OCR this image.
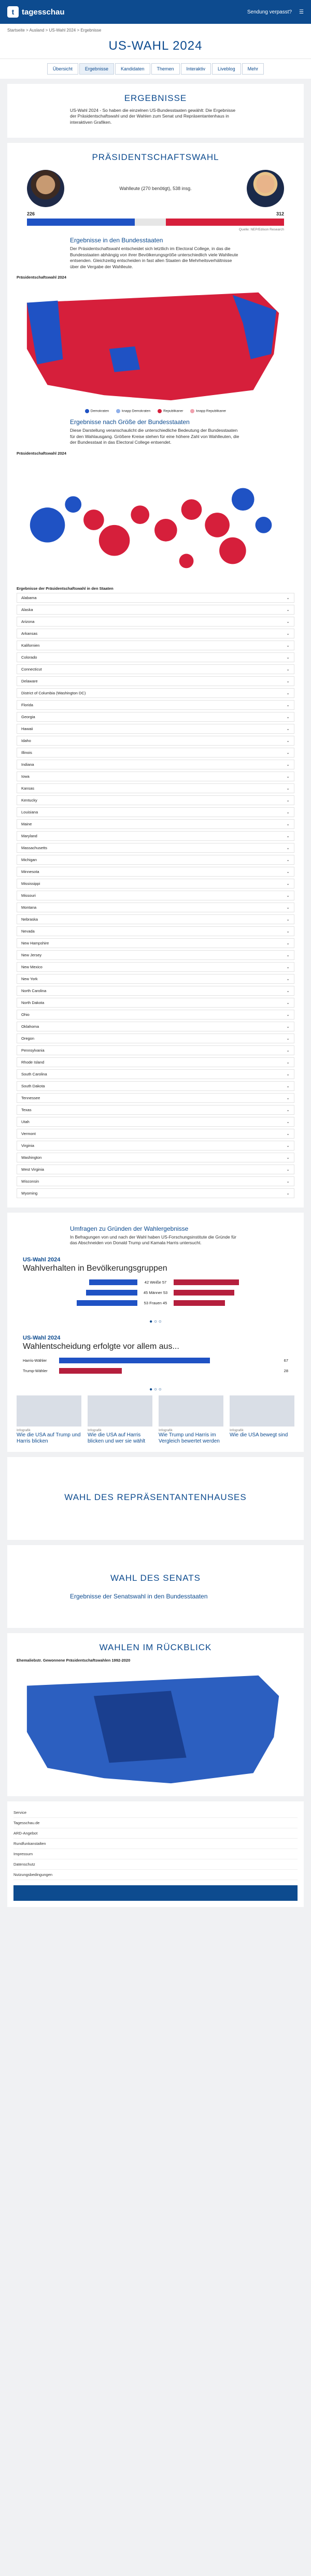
t tagesschau	Sendung verpasst? ☰
Startseite > Ausland > US-Wahl 2024 > Ergebnisse
US-WAHL 2024
Übersicht	Ergebnisse	Kandidaten	Themen	Interaktiv	Liveblog	Mehr
ERGEBNISSE
US-Wahl 2024 - So haben die einzelnen US-Bundesstaaten gewählt: Die Ergebnisse der Präsidentschaftswahl und der Wahlen zum Senat und Repräsentantenhaus in interaktiven Grafiken.
PRÄSIDENTSCHAFTSWAHL
Wahlleute (270 benötigt), 538 insg.
226	312
Quelle: NEP/Edison Research
Ergebnisse in den Bundesstaaten
Der Präsidentschaftswahl entscheidet sich letztlich im Electoral College, in das die Bundesstaaten abhängig von ihrer Bevölkerungsgröße unterschiedlich viele Wahlleute entsenden. Gleichzeitig entscheiden in fast allen Staaten die Mehrheitsverhältnisse über die Vergabe der Wahlleute.
Präsidentschaftswahl 2024
Demokraten	knapp Demokraten	Republikaner	knapp Republikaner
Ergebnisse nach Größe der Bundesstaaten
Diese Darstellung veranschaulicht die unterschiedliche Bedeutung der Bundesstaaten für den Wahlausgang. Größere Kreise stehen für eine höhere Zahl von Wahlleuten, die der Bundesstaat in das Electoral College entsendet.
Präsidentschaftswahl 2024
Ergebnisse der Präsidentschaftswahl in den Staaten
Alabama	⌄
Alaska	⌄
Arizona	⌄
Arkansas	⌄
Kalifornien	⌄
Colorado	⌄
Connecticut	⌄
Delaware	⌄
District of Columbia (Washington DC)	⌄
Florida	⌄
Georgia	⌄
Hawaii	⌄
Idaho	⌄
Illinois	⌄
Indiana	⌄
Iowa	⌄
Kansas	⌄
Kentucky	⌄
Louisiana	⌄
Maine	⌄
Maryland	⌄
Massachusetts	⌄
Michigan	⌄
Minnesota	⌄
Mississippi	⌄
Missouri	⌄
Montana	⌄
Nebraska	⌄
Nevada	⌄
New Hampshire	⌄
New Jersey	⌄
New Mexico	⌄
New York	⌄
North Carolina	⌄
North Dakota	⌄
Ohio	⌄
Oklahoma	⌄
Oregon	⌄
Pennsylvania	⌄
Rhode Island	⌄
South Carolina	⌄
South Dakota	⌄
Tennessee	⌄
Texas	⌄
Utah	⌄
Vermont	⌄
Virginia	⌄
Washington	⌄
West Virginia	⌄
Wisconsin	⌄
Wyoming	⌄
Umfragen zu Gründen der Wahlergebnisse
In Befragungen von und nach der Wahl haben US-Forschungsinstitute die Gründe für das Abschneiden von Donald Trump und Kamala Harris untersucht.
US-Wahl 2024
Wahlverhalten in Bevölkerungsgruppen
42 Weiße 57
45 Männer 53
53 Frauen 45
● ○ ○
US-Wahl 2024
Wahlentscheidung erfolgte vor allem aus...
Harris-Wähler	67
Trump-Wähler	28
● ○ ○
Infografik
Wie die USA auf Trump und Harris blicken
Infografik
Wie die USA auf Harris blicken und wer sie wählt
Infografik
Wie Trump und Harris im Vergleich bewertet werden
Infografik
Wie die USA bewegt sind
WAHL DES REPRÄSENTANTENHAUSES
WAHL DES SENATS
Ergebnisse der Senatswahl in den Bundesstaaten
WAHLEN IM RÜCKBLICK
Ehemaliebstr. Gewonnene Präsidentschaftswahlen 1992-2020
Service
Tagesschau.de
ARD-Angebot
Rundfunkanstalten
Impressum
Datenschutz
Nutzungsbedingungen
